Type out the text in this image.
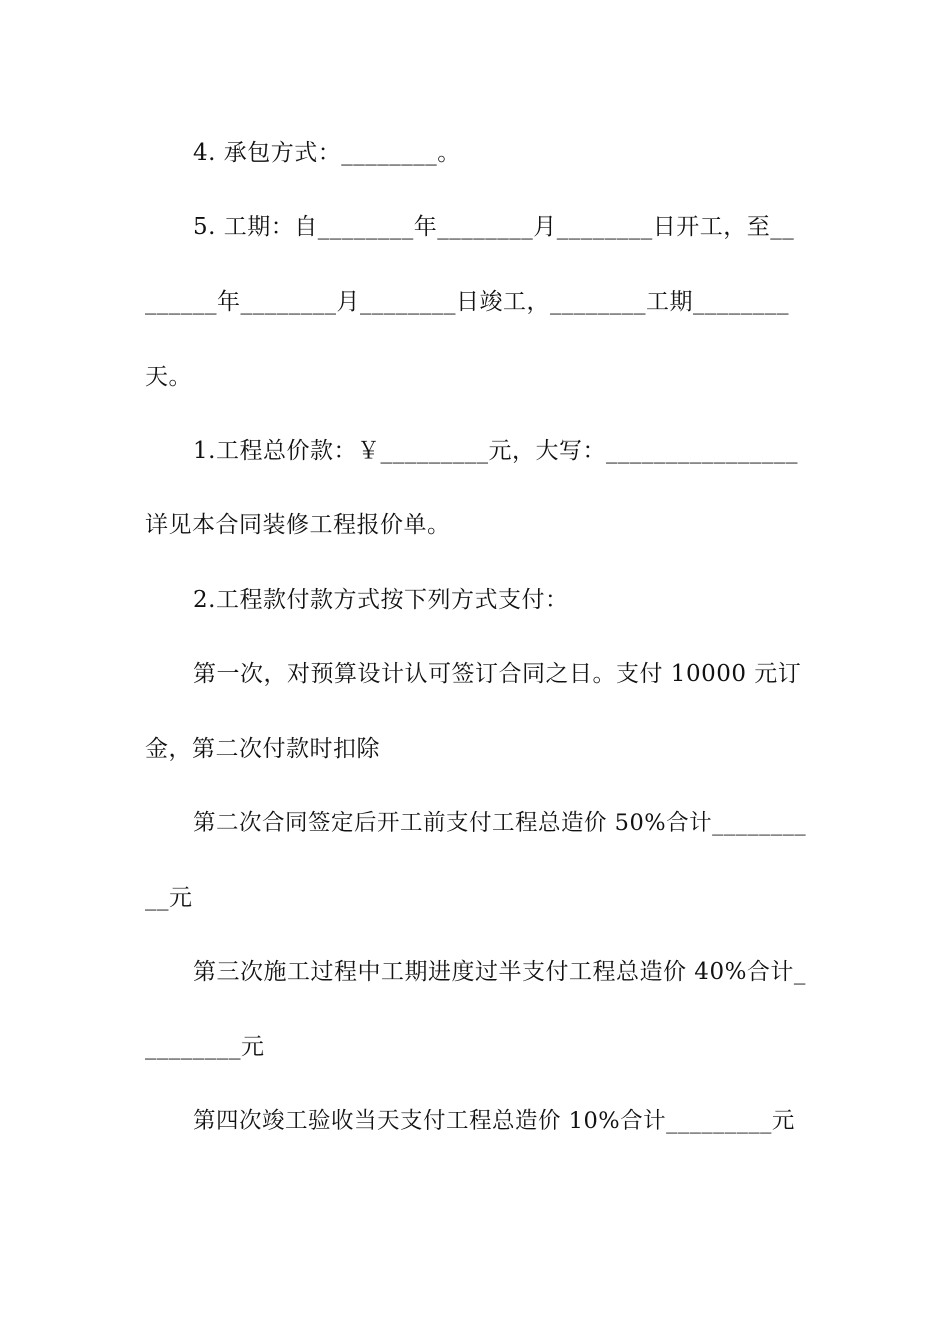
4. 承包方式：________。
5. 工期：自________年________月________日开工，至__
______年________月________日竣工，________工期________
天。
1.工程总价款：￥_________元，大写：________________
详见本合同装修工程报价单。
2.工程款付款方式按下列方式支付：
第一次，对预算设计认可签订合同之日。支付 10000 元订
金，第二次付款时扣除
第二次合同签定后开工前支付工程总造价 50%合计________
__元
第三次施工过程中工期进度过半支付工程总造价 40%合计_
________元
第四次竣工验收当天支付工程总造价 10%合计_________元
